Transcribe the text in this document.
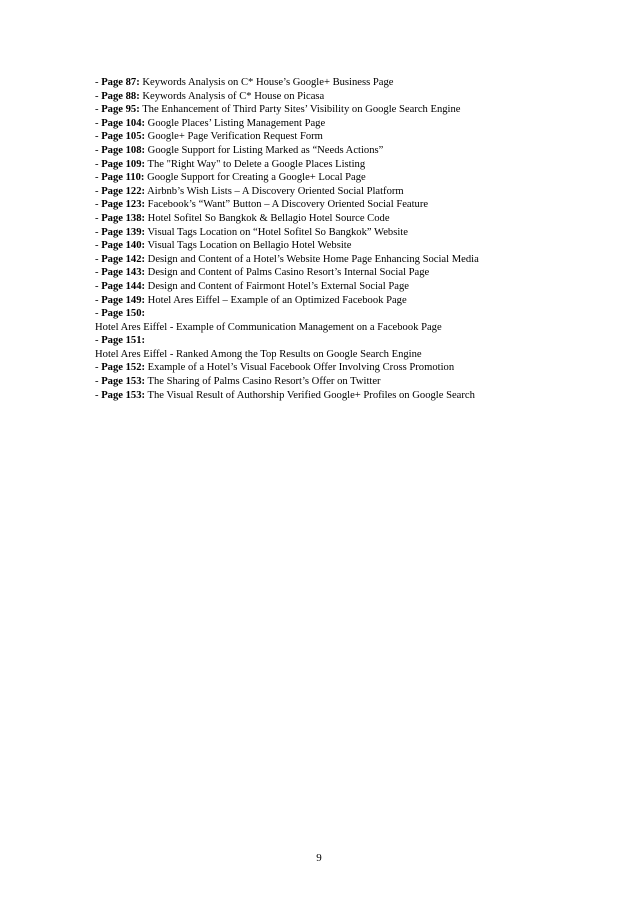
- Page 87: Keywords Analysis on C* House’s Google+ Business Page
- Page 88: Keywords Analysis of C* House on Picasa
- Page 95: The Enhancement of Third Party Sites’ Visibility on Google Search Engine
- Page 104: Google Places’ Listing Management Page
- Page 105: Google+ Page Verification Request Form
- Page 108: Google Support for Listing Marked as “Needs Actions”
- Page 109: The "Right Way" to Delete a Google Places Listing
- Page 110: Google Support for Creating a Google+ Local Page
- Page 122: Airbnb’s Wish Lists – A Discovery Oriented Social Platform
- Page 123: Facebook’s “Want” Button – A Discovery Oriented Social Feature
- Page 138: Hotel Sofitel So Bangkok & Bellagio Hotel Source Code
- Page 139: Visual Tags Location on “Hotel Sofitel So Bangkok” Website
- Page 140: Visual Tags Location on Bellagio Hotel Website
- Page 142: Design and Content of a Hotel’s Website Home Page Enhancing Social Media
- Page 143: Design and Content of Palms Casino Resort’s Internal Social Page
- Page 144: Design and Content of Fairmont Hotel’s External Social Page
- Page 149: Hotel Ares Eiffel – Example of an Optimized Facebook Page
- Page 150:
Hotel Ares Eiffel - Example of Communication Management on a Facebook Page
- Page 151:
Hotel Ares Eiffel - Ranked Among the Top Results on Google Search Engine
- Page 152: Example of a Hotel’s Visual Facebook Offer Involving Cross Promotion
- Page 153: The Sharing of Palms Casino Resort’s Offer on Twitter
- Page 153: The Visual Result of Authorship Verified Google+ Profiles on Google Search
9
